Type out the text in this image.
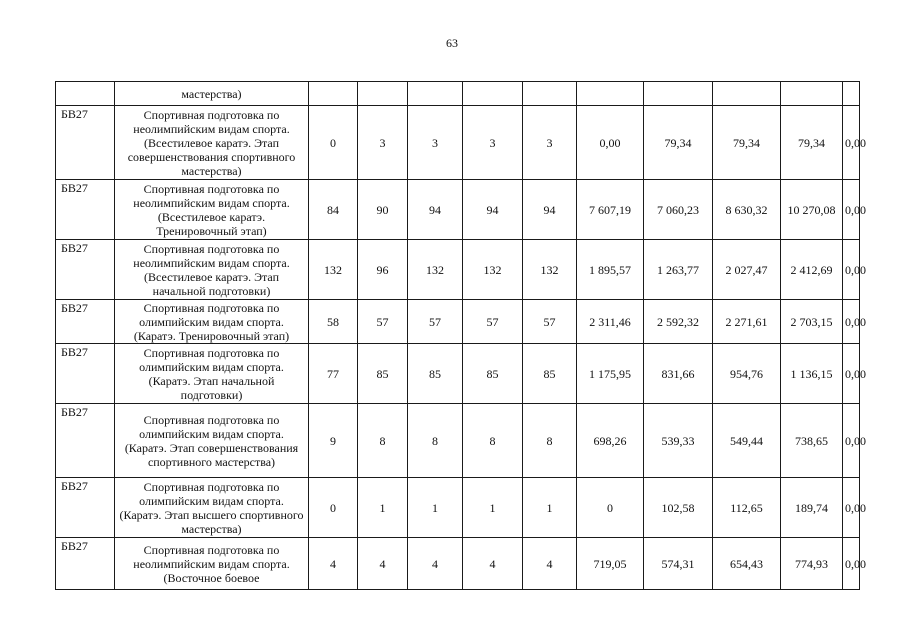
63
	мастерства)										
БВ27	Спортивная подготовка по неолимпийским видам спорта. (Всестилевое каратэ. Этап совершенствования спортивного мастерства)	0	3	3	3	3	0,00	79,34	79,34	79,34	0,00
БВ27	Спортивная подготовка по неолимпийским видам спорта. (Всестилевое каратэ. Тренировочный этап)	84	90	94	94	94	7 607,19	7 060,23	8 630,32	10 270,08	0,00
БВ27	Спортивная подготовка по неолимпийским видам спорта. (Всестилевое каратэ. Этап начальной подготовки)	132	96	132	132	132	1 895,57	1 263,77	2 027,47	2 412,69	0,00
БВ27	Спортивная подготовка по олимпийским видам спорта. (Каратэ. Тренировочный этап)	58	57	57	57	57	2 311,46	2 592,32	2 271,61	2 703,15	0,00
БВ27	Спортивная подготовка по олимпийским видам спорта. (Каратэ. Этап начальной подготовки)	77	85	85	85	85	1 175,95	831,66	954,76	1 136,15	0,00
БВ27	Спортивная подготовка по олимпийским видам спорта. (Каратэ. Этап совершенствования спортивного мастерства)	9	8	8	8	8	698,26	539,33	549,44	738,65	0,00
БВ27	Спортивная подготовка по олимпийским видам спорта. (Каратэ. Этап высшего спортивного мастерства)	0	1	1	1	1	0	102,58	112,65	189,74	0,00
БВ27	Спортивная подготовка по неолимпийским видам спорта. (Восточное боевое	4	4	4	4	4	719,05	574,31	654,43	774,93	0,00
